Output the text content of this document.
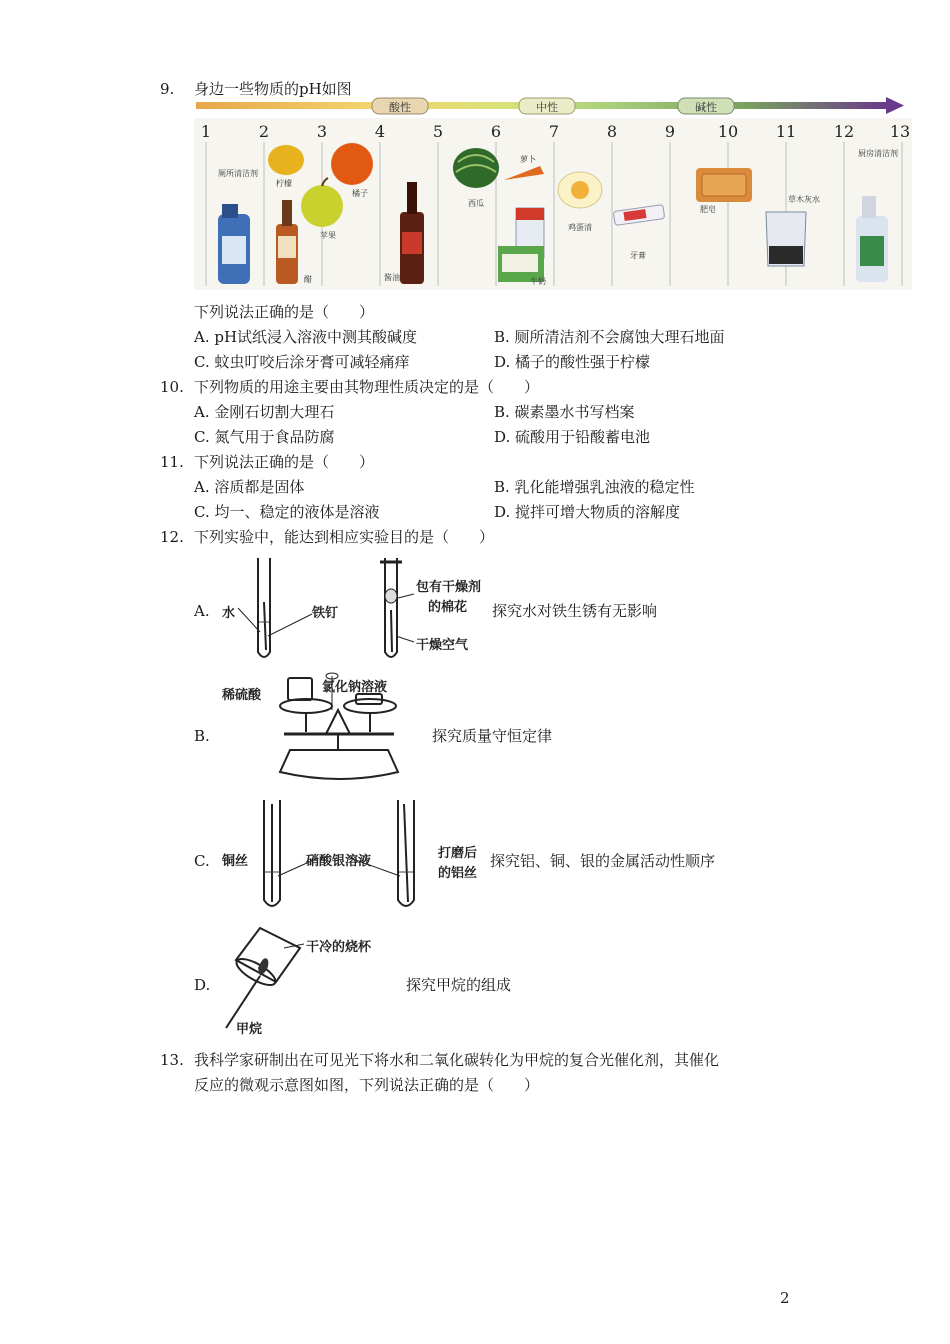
9. 身边一些物质的pH如图
酸性	中性	碱性
1	2	3	4	5	6	7	8	9	10 11 12 13
厕所清洁剂
柠檬
苹果
橘子
醋	酱油
西瓜
萝卜
牛奶
鸡蛋清
牙膏
肥皂
草木灰水
厨房清洁剂
下列说法正确的是（　　）
A. pH试纸浸入溶液中测其酸碱度	B. 厕所清洁剂不会腐蚀大理石地面
C. 蚊虫叮咬后涂牙膏可减轻痛痒	D. 橘子的酸性强于柠檬
10. 下列物质的用途主要由其物理性质决定的是（　　）
A. 金刚石切割大理石	B. 碳素墨水书写档案
C. 氮气用于食品防腐	D. 硫酸用于铅酸蓄电池
11. 下列说法正确的是（　　）
A. 溶质都是固体	B. 乳化能增强乳浊液的稳定性
C. 均一、稳定的液体是溶液	D. 搅拌可增大物质的溶解度
12. 下列实验中，能达到相应实验目的是（　　）
A. 水	铁钉
包有干燥剂
的棉花
干燥空气
探究水对铁生锈有无影响
B.
稀硫酸
氯化钠溶液
探究质量守恒定律
C. 铜丝	硝酸银溶液
打磨后
的铝丝
探究铝、铜、银的金属活动性顺序
D.
干冷的烧杯
甲烷
探究甲烷的组成
13. 我科学家研制出在可见光下将水和二氧化碳转化为甲烷的复合光催化剂，其催化
反应的微观示意图如图，下列说法正确的是（　　）
2
